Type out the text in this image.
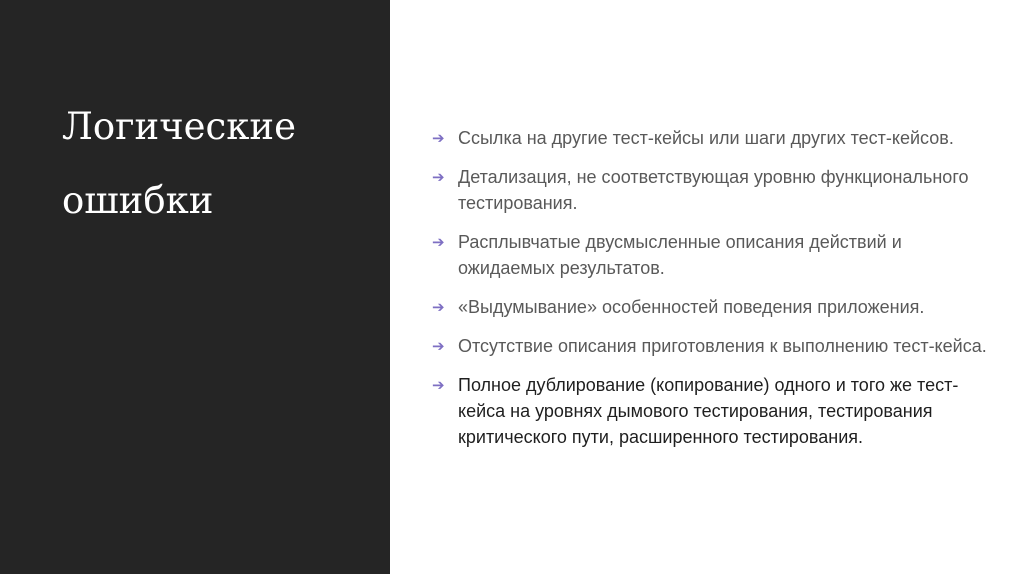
Логические
ошибки
➔ Ссылка на другие тест-кейсы или шаги других тест-кейсов.
➔ Детализация, не соответствующая уровню функционального тестирования.
➔ Расплывчатые двусмысленные описания действий и ожидаемых результатов.
➔ «Выдумывание» особенностей поведения приложения.
➔ Отсутствие описания приготовления к выполнению тест-кейса.
➔ Полное дублирование (копирование) одного и того же тест-кейса на уровнях дымового тестирования, тестирования критического пути, расширенного тестирования.
